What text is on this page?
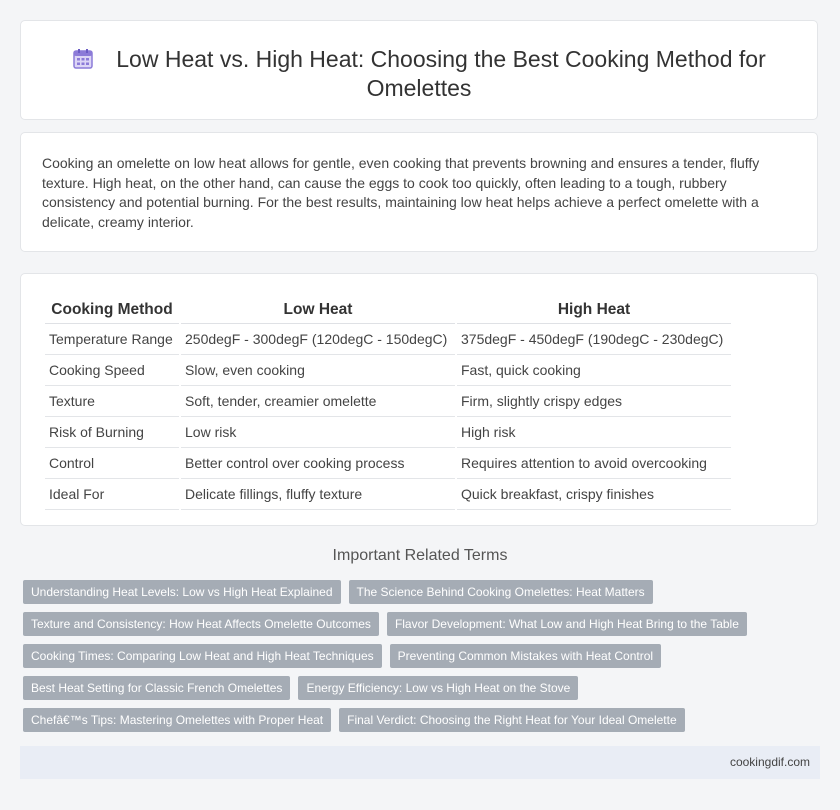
Low Heat vs. High Heat: Choosing the Best Cooking Method for Omelettes
Cooking an omelette on low heat allows for gentle, even cooking that prevents browning and ensures a tender, fluffy texture. High heat, on the other hand, can cause the eggs to cook too quickly, often leading to a tough, rubbery consistency and potential burning. For the best results, maintaining low heat helps achieve a perfect omelette with a delicate, creamy interior.
Cooking Method	Low Heat	High Heat
Temperature Range	250degF - 300degF (120degC - 150degC)	375degF - 450degF (190degC - 230degC)
Cooking Speed	Slow, even cooking	Fast, quick cooking
Texture	Soft, tender, creamier omelette	Firm, slightly crispy edges
Risk of Burning	Low risk	High risk
Control	Better control over cooking process	Requires attention to avoid overcooking
Ideal For	Delicate fillings, fluffy texture	Quick breakfast, crispy finishes
Important Related Terms
Understanding Heat Levels: Low vs High Heat Explained	The Science Behind Cooking Omelettes: Heat Matters
Texture and Consistency: How Heat Affects Omelette Outcomes	Flavor Development: What Low and High Heat Bring to the Table
Cooking Times: Comparing Low Heat and High Heat Techniques	Preventing Common Mistakes with Heat Control
Best Heat Setting for Classic French Omelettes	Energy Efficiency: Low vs High Heat on the Stove
Chefâ€™s Tips: Mastering Omelettes with Proper Heat	Final Verdict: Choosing the Right Heat for Your Ideal Omelette
cookingdif.com
